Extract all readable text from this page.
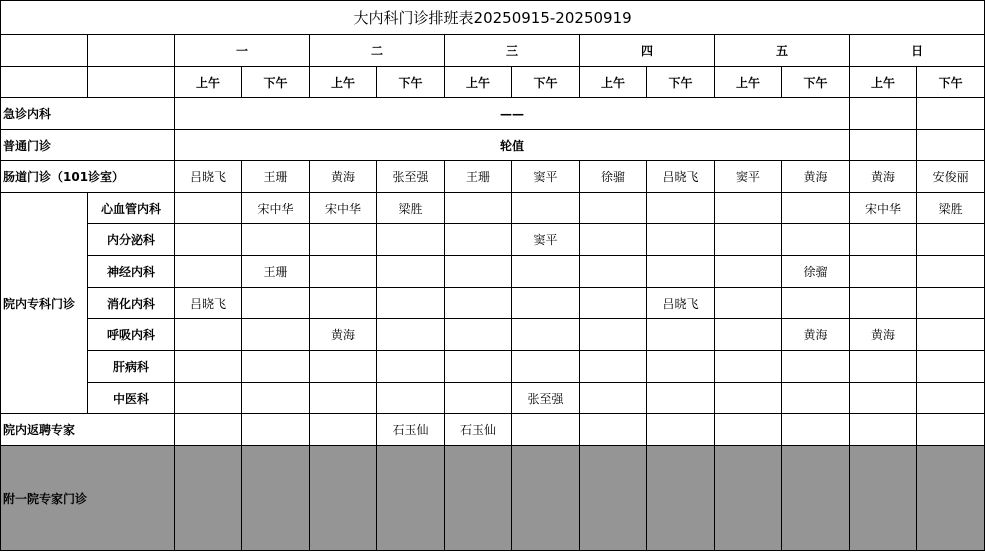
大内科门诊排班表20250915-20250919													
		一		二		三		四		五		日	
		上午	下午	上午	下午	上午	下午	上午	下午	上午	下午	上午	下午
急诊内科		——											
普通门诊		轮值											
肠道门诊（101诊室）		吕晓飞	王珊	黄海	张至强	王珊	窦平	徐骝	吕晓飞	窦平	黄海	黄海	安俊丽
院内专科门诊	心血管内科		宋中华	宋中华	梁胜							宋中华	梁胜
	内分泌科						窦平						
	神经内科		王珊								徐骝		
	消化内科	吕晓飞							吕晓飞				
	呼吸内科			黄海							黄海	黄海	
	肝病科												
	中医科						张至强						
院内返聘专家					石玉仙	石玉仙							
附一院专家门诊													
